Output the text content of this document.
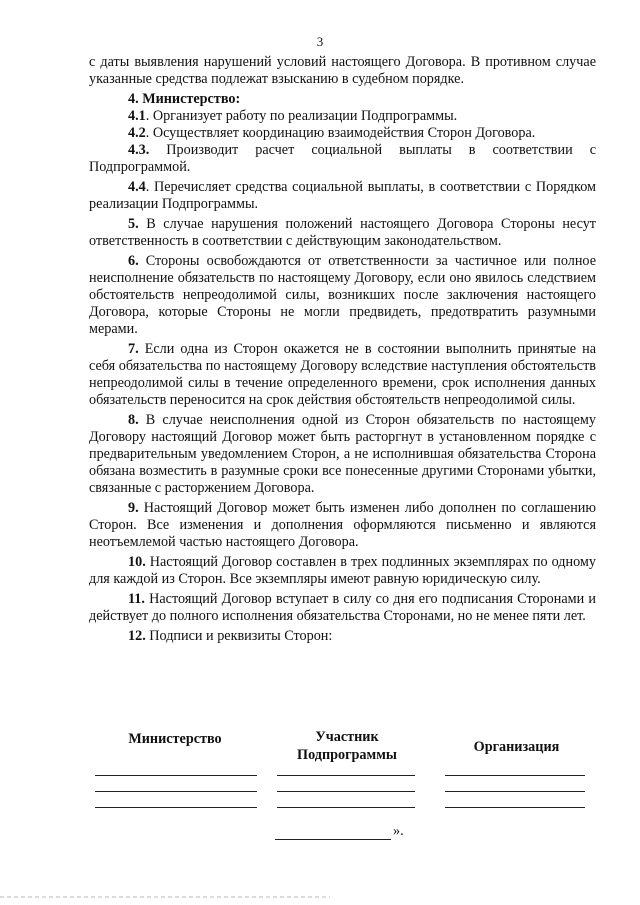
3

с даты выявления нарушений условий настоящего Договора. В противном случае указанные средства подлежат взысканию в судебном порядке.

4. Министерство:

4.1. Организует работу по реализации Подпрограммы.

4.2. Осуществляет координацию взаимодействия Сторон Договора.

4.3. Производит расчет социальной выплаты в соответствии с Подпрограммой.

4.4. Перечисляет средства социальной выплаты, в соответствии с Порядком реализации Подпрограммы.

5. В случае нарушения положений настоящего Договора Стороны несут ответственность в соответствии с действующим законодательством.

6. Стороны освобождаются от ответственности за частичное или полное неисполнение обязательств по настоящему Договору, если оно явилось следствием обстоятельств непреодолимой силы, возникших после заключения настоящего Договора, которые Стороны не могли предвидеть, предотвратить разумными мерами.

7. Если одна из Сторон окажется не в состоянии выполнить принятые на себя обязательства по настоящему Договору вследствие наступления обстоятельств непреодолимой силы в течение определенного времени, срок исполнения данных обязательств переносится на срок действия обстоятельств непреодолимой силы.

8. В случае неисполнения одной из Сторон обязательств по настоящему Договору настоящий Договор может быть расторгнут в установленном порядке с предварительным уведомлением Сторон, а не исполнившая обязательства Сторона обязана возместить в разумные сроки все понесенные другими Сторонами убытки, связанные с расторжением Договора.

9. Настоящий Договор может быть изменен либо дополнен по соглашению Сторон. Все изменения и дополнения оформляются письменно и являются неотъемлемой частью настоящего Договора.

10. Настоящий Договор составлен в трех подлинных экземплярах по одному для каждой из Сторон. Все экземпляры имеют равную юридическую силу.

11. Настоящий Договор вступает в силу со дня его подписания Сторонами и действует до полного исполнения обязательства Сторонами, но не менее пяти лет.

12. Подписи и реквизиты Сторон:

Министерство	Участник
Подпрограммы	Организация
».
